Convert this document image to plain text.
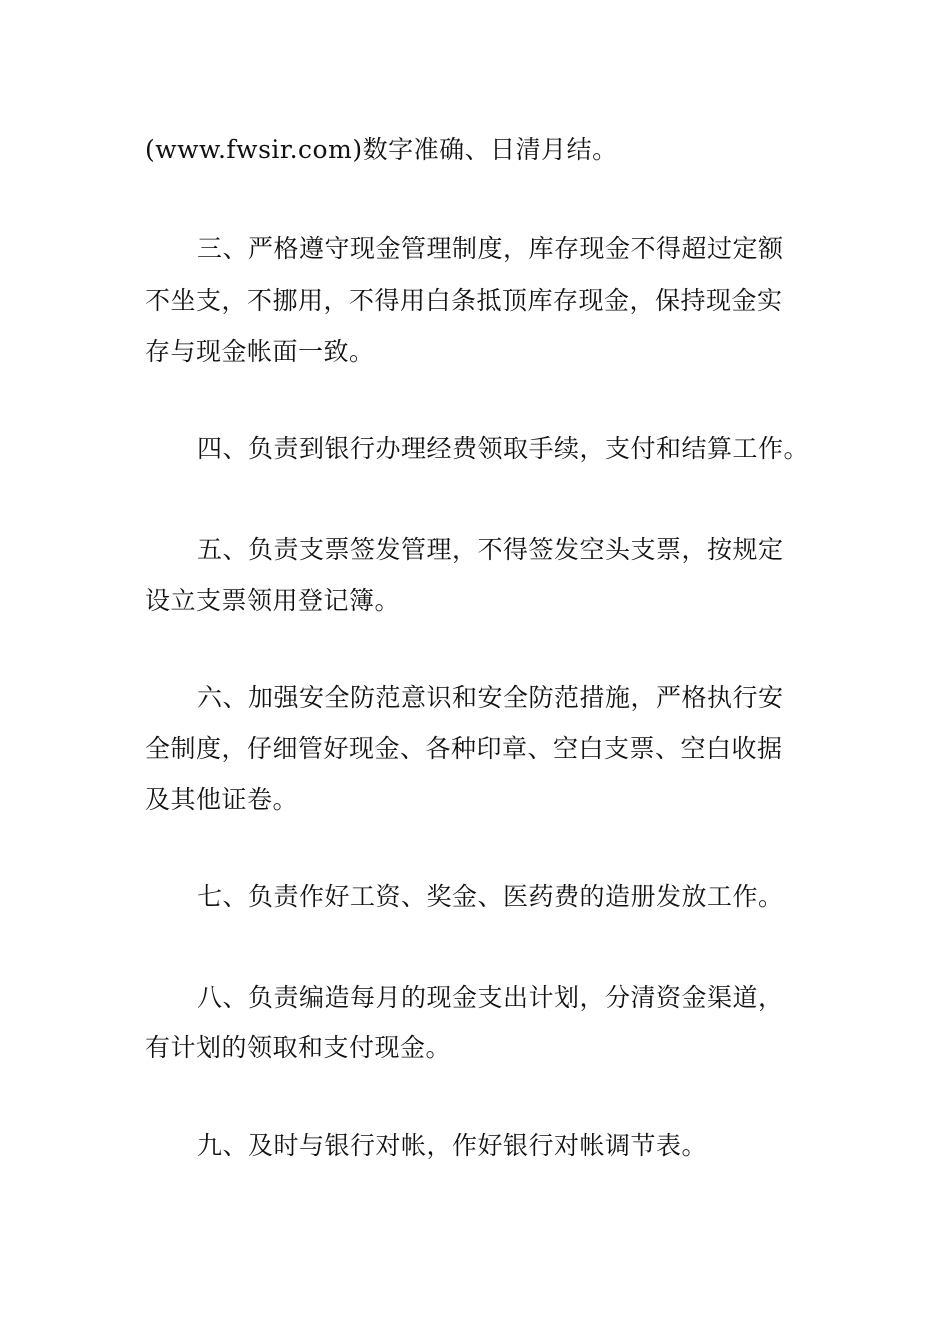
(www.fwsir.com)数字准确、日清月结。
三、严格遵守现金管理制度，库存现金不得超过定额
不坐支，不挪用，不得用白条抵顶库存现金，保持现金实
存与现金帐面一致。
四、负责到银行办理经费领取手续，支付和结算工作。
五、负责支票签发管理，不得签发空头支票，按规定
设立支票领用登记簿。
六、加强安全防范意识和安全防范措施，严格执行安
全制度，仔细管好现金、各种印章、空白支票、空白收据
及其他证卷。
七、负责作好工资、奖金、医药费的造册发放工作。
八、负责编造每月的现金支出计划，分清资金渠道，
有计划的领取和支付现金。
九、及时与银行对帐，作好银行对帐调节表。
